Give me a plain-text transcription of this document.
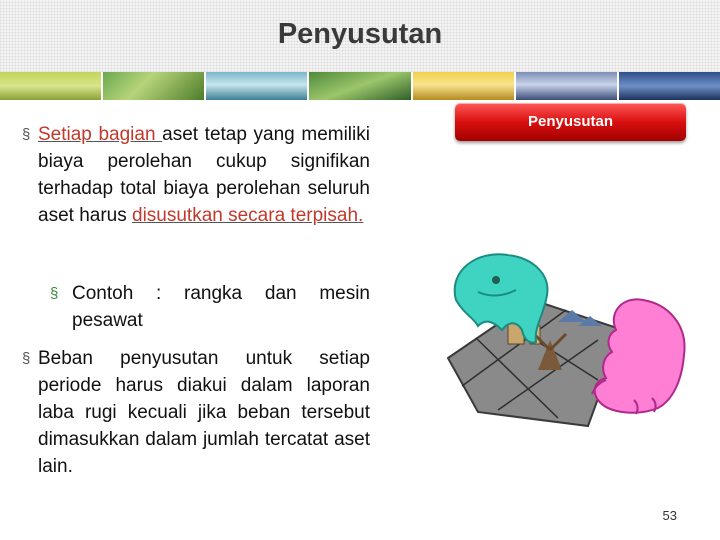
Penyusutan
§ Setiap bagian aset tetap yang memiliki biaya perolehan cukup signifikan terhadap total biaya perolehan seluruh aset harus disusutkan secara terpisah.
§ Contoh : rangka dan mesin pesawat
§ Beban penyusutan untuk setiap periode harus diakui dalam laporan laba rugi kecuali jika beban tersebut dimasukkan dalam jumlah tercatat aset lain.
Penyusutan
53
